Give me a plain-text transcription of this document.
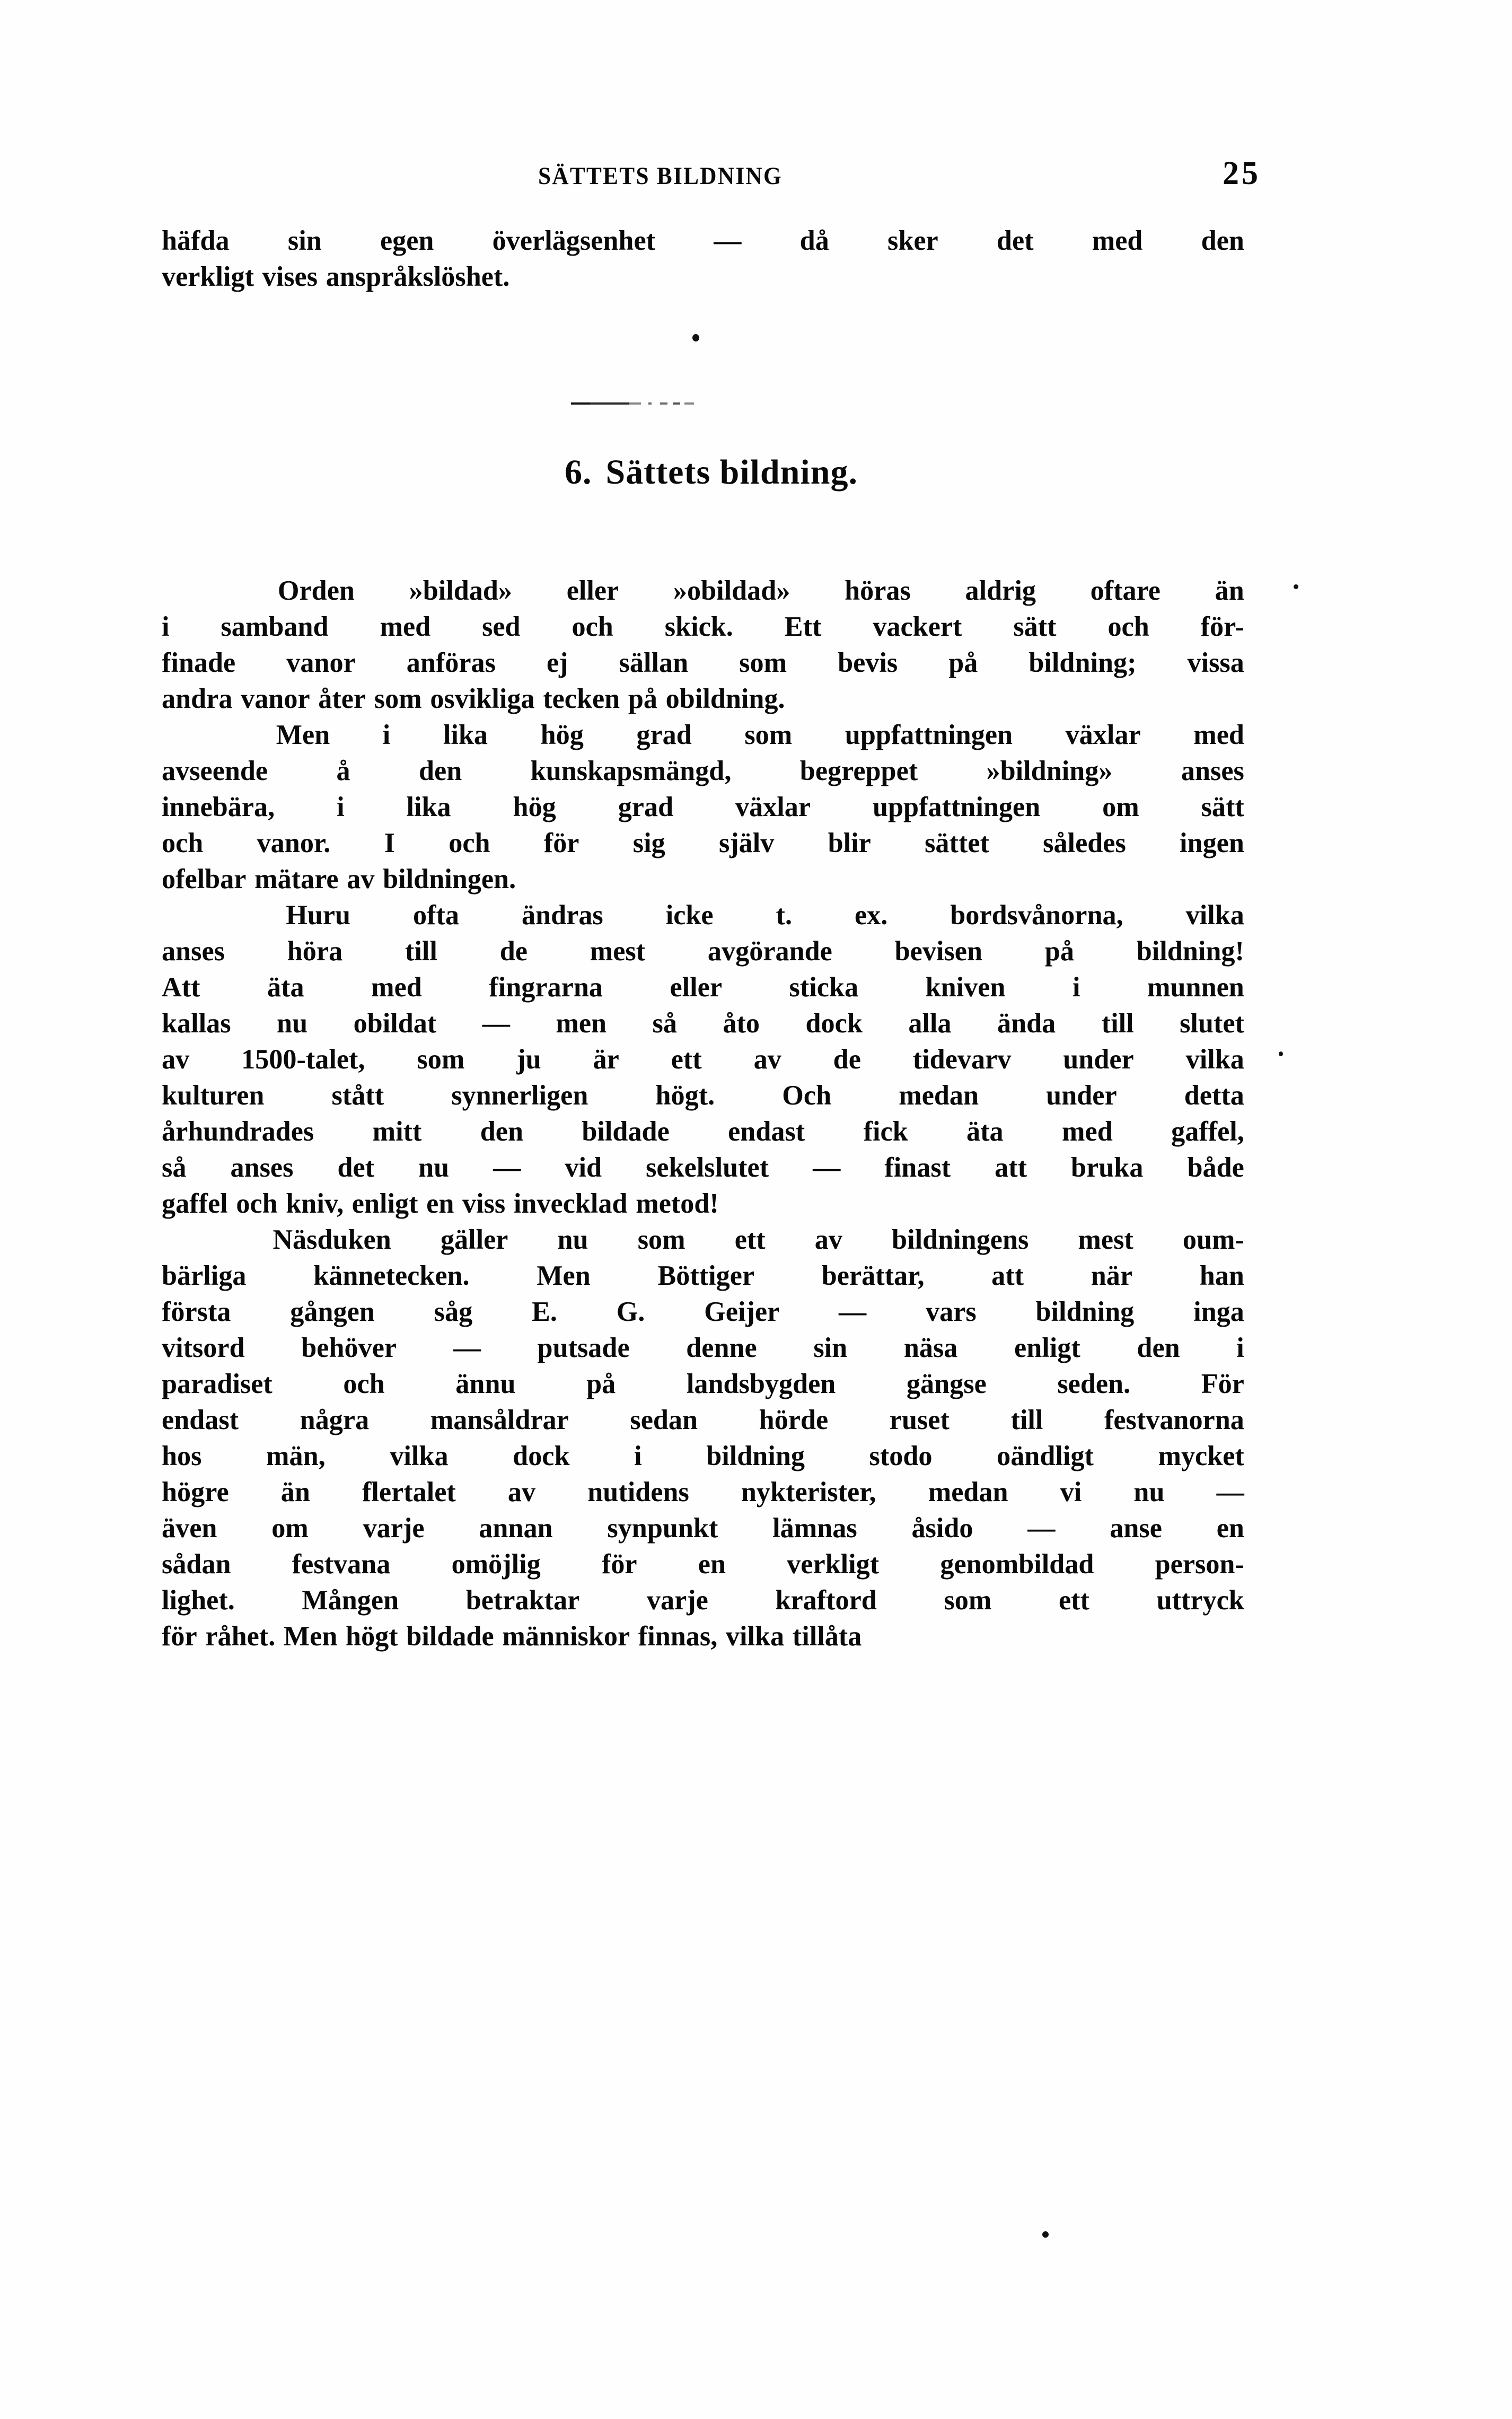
SÄTTETS BILDNING	25
häfda sin egen överlägsenhet — då sker det med den
verkligt vises anspråkslöshet.
Orden »bildad» eller »obildad» höras aldrig oftare än
i samband med sed och skick. Ett vackert sätt och för-
finade vanor anföras ej sällan som bevis på bildning; vissa
andra vanor åter som osvikliga tecken på obildning.
Men i lika hög grad som uppfattningen växlar med
avseende å den kunskapsmängd, begreppet »bildning» anses
innebära, i lika hög grad växlar uppfattningen om sätt
och vanor. I och för sig själv blir sättet således ingen
ofelbar mätare av bildningen.
Huru ofta ändras icke t. ex. bordsvånorna, vilka
anses höra till de mest avgörande bevisen på bildning!
Att äta med fingrarna eller sticka kniven i munnen
kallas nu obildat — men så åto dock alla ända till slutet
av 1500-talet, som ju är ett av de tidevarv under vilka
kulturen stått synnerligen högt. Och medan under detta
århundrades mitt den bildade endast fick äta med gaffel,
så anses det nu — vid sekelslutet — finast att bruka både
gaffel och kniv, enligt en viss invecklad metod!
Näsduken gäller nu som ett av bildningens mest oum-
bärliga kännetecken. Men Böttiger berättar, att när han
första gången såg E. G. Geijer — vars bildning inga
vitsord behöver — putsade denne sin näsa enligt den i
paradiset	och	ännu	på	landsbygden	gängse	seden.	För
endast några mansåldrar sedan hörde ruset till festvanorna
hos män, vilka dock i bildning stodo oändligt mycket
högre än flertalet av nutidens nykterister, medan vi nu —
även om varje annan synpunkt lämnas åsido — anse en
sådan festvana omöjlig för en verkligt genombildad person-
lighet. Mången betraktar varje kraftord som ett uttryck
för råhet. Men högt bildade människor finnas, vilka tillåta
6. Sättets bildning.
